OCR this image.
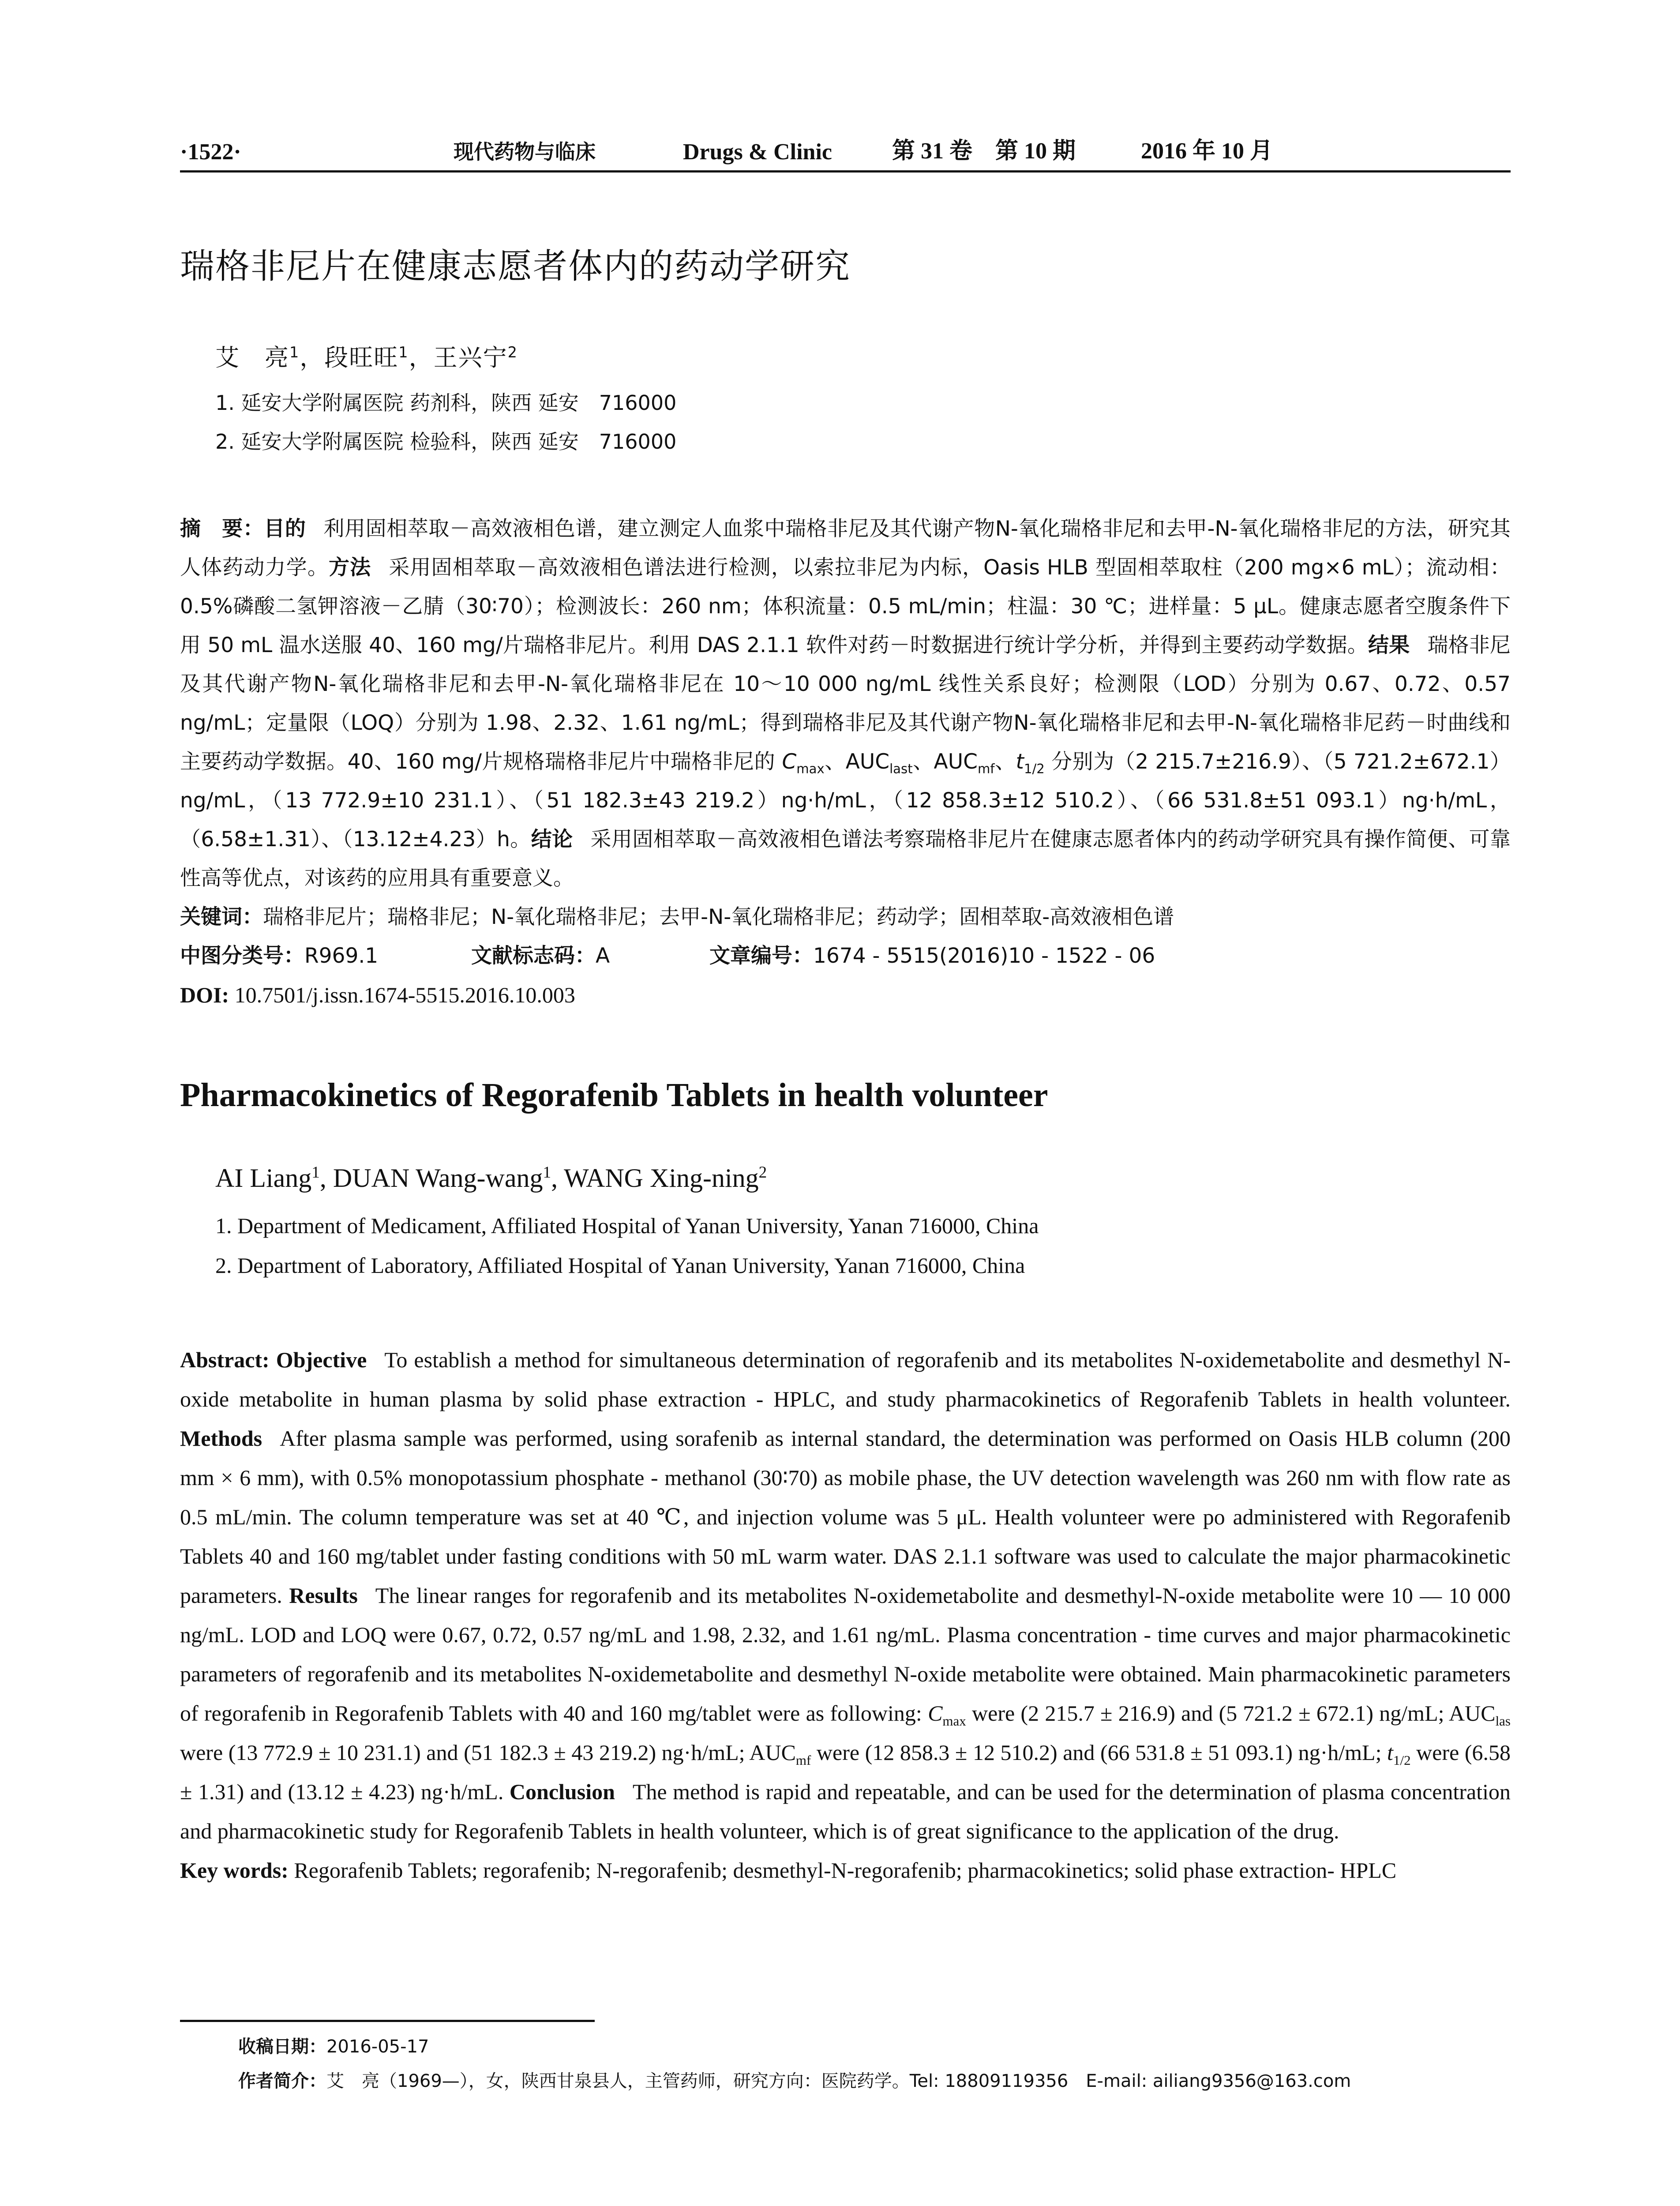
·1522·	现代药物与临床	Drugs & Clinic	第 31 卷　第 10 期	2016 年 10 月
瑞格非尼片在健康志愿者体内的药动学研究
艾　亮$^1$，段旺旺$^1$，王兴宁$^2$
1. 延安大学附属医院 药剂科，陕西 延安　716000
2. 延安大学附属医院 检验科，陕西 延安　716000
摘　要：目的 利用固相萃取－高效液相色谱，建立测定人血浆中瑞格非尼及其代谢产物N-氧化瑞格非尼和去甲-N-氧化瑞格非尼的方法，研究其人体药动力学。方法 采用固相萃取－高效液相色谱法进行检测，以索拉非尼为内标，Oasis HLB 型固相萃取柱（200 mg×6 mL）；流动相：0.5%磷酸二氢钾溶液－乙腈（30∶70）；检测波长：260 nm；体积流量：0.5 mL/min；柱温：30 ℃；进样量：5 μL。健康志愿者空腹条件下用 50 mL 温水送服 40、160 mg/片瑞格非尼片。利用 DAS 2.1.1 软件对药－时数据进行统计学分析，并得到主要药动学数据。结果 瑞格非尼及其代谢产物N-氧化瑞格非尼和去甲-N-氧化瑞格非尼在 10～10 000 ng/mL 线性关系良好；检测限（LOD）分别为 0.67、0.72、0.57 ng/mL；定量限（LOQ）分别为 1.98、2.32、1.61 ng/mL；得到瑞格非尼及其代谢产物N-氧化瑞格非尼和去甲-N-氧化瑞格非尼药－时曲线和主要药动学数据。40、160 mg/片规格瑞格非尼片中瑞格非尼的 $C_{max}$、$AUC_{last}$、$AUC_{mf}$、$t_{1/2}$ 分别为（2 215.7±216.9）、（5 721.2±672.1）ng/mL，（13 772.9±10 231.1）、（51 182.3±43 219.2）ng·h/mL，（12 858.3±12 510.2）、（66 531.8±51 093.1）ng·h/mL，（6.58±1.31）、（13.12±4.23）h。结论 采用固相萃取－高效液相色谱法考察瑞格非尼片在健康志愿者体内的药动学研究具有操作简便、可靠性高等优点，对该药的应用具有重要意义。
关键词：瑞格非尼片；瑞格非尼；N-氧化瑞格非尼；去甲-N-氧化瑞格非尼；药动学；固相萃取-高效液相色谱
中图分类号：R969.1	文献标志码：A	文章编号：1674 - 5515(2016)10 - 1522 - 06
DOI: 10.7501/j.issn.1674-5515.2016.10.003
Pharmacokinetics of Regorafenib Tablets in health volunteer
AI Liang$^1$, DUAN Wang-wang$^1$, WANG Xing-ning$^2$
1. Department of Medicament, Affiliated Hospital of Yanan University, Yanan 716000, China
2. Department of Laboratory, Affiliated Hospital of Yanan University, Yanan 716000, China
Abstract: Objective To establish a method for simultaneous determination of regorafenib and its metabolites N-oxidemetabolite and desmethyl N-oxide metabolite in human plasma by solid phase extraction - HPLC, and study pharmacokinetics of Regorafenib Tablets in health volunteer. Methods After plasma sample was performed, using sorafenib as internal standard, the determination was performed on Oasis HLB column (200 mm × 6 mm), with 0.5% monopotassium phosphate - methanol (30∶70) as mobile phase, the UV detection wavelength was 260 nm with flow rate as 0.5 mL/min. The column temperature was set at 40 ℃, and injection volume was 5 μL. Health volunteer were po administered with Regorafenib Tablets 40 and 160 mg/tablet under fasting conditions with 50 mL warm water. DAS 2.1.1 software was used to calculate the major pharmacokinetic parameters. Results The linear ranges for regorafenib and its metabolites N-oxidemetabolite and desmethyl-N-oxide metabolite were 10 — 10 000 ng/mL. LOD and LOQ were 0.67, 0.72, 0.57 ng/mL and 1.98, 2.32, and 1.61 ng/mL. Plasma concentration - time curves and major pharmacokinetic parameters of regorafenib and its metabolites N-oxidemetabolite and desmethyl N-oxide metabolite were obtained. Main pharmacokinetic parameters of regorafenib in Regorafenib Tablets with 40 and 160 mg/tablet were as following: $C_{max}$ were (2 215.7 ± 216.9) and (5 721.2 ± 672.1) ng/mL; $AUC_{las}$ were (13 772.9 ± 10 231.1) and (51 182.3 ± 43 219.2) ng·h/mL; $AUC_{mf}$ were (12 858.3 ± 12 510.2) and (66 531.8 ± 51 093.1) ng·h/mL; $t_{1/2}$ were (6.58 ± 1.31) and (13.12 ± 4.23) ng·h/mL. Conclusion The method is rapid and repeatable, and can be used for the determination of plasma concentration and pharmacokinetic study for Regorafenib Tablets in health volunteer, which is of great significance to the application of the drug.
Key words: Regorafenib Tablets; regorafenib; N-regorafenib; desmethyl-N-regorafenib; pharmacokinetics; solid phase extraction- HPLC
收稿日期：2016-05-17
作者简介：艾　亮（1969—），女，陕西甘泉县人，主管药师，研究方向：医院药学。Tel: 18809119356　E-mail: ailiang9356@163.com
